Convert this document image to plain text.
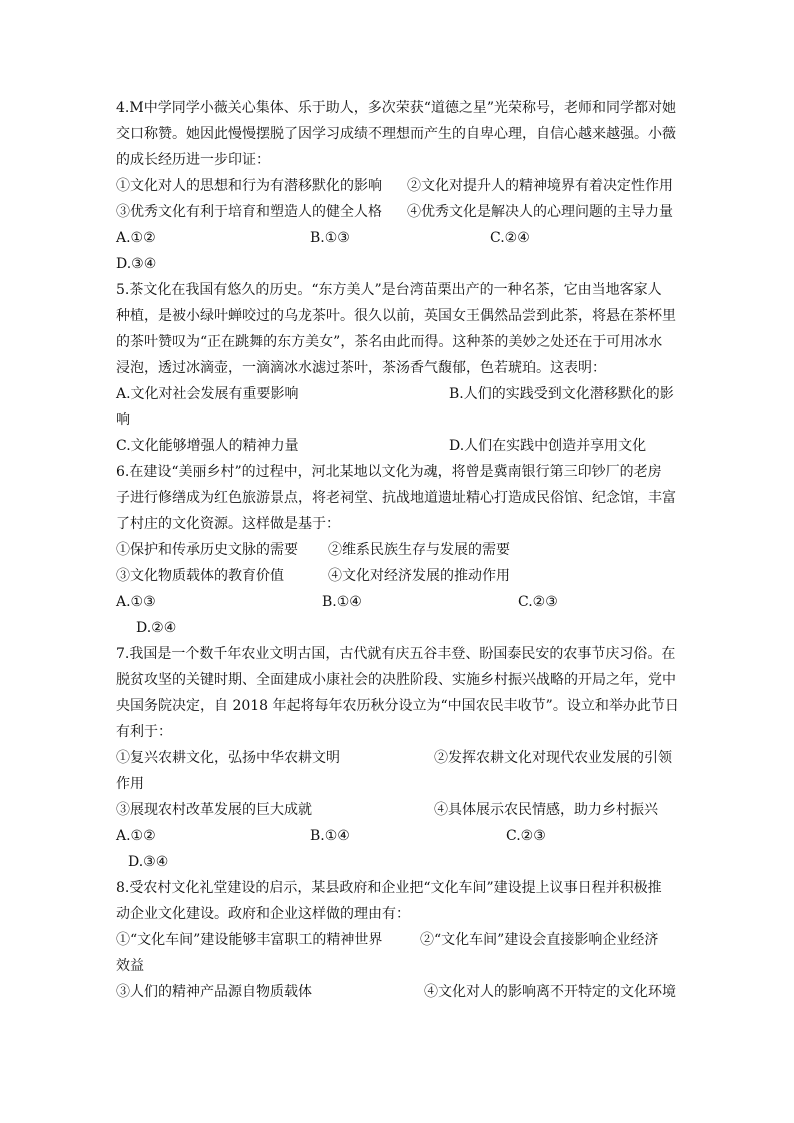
4.M中学同学小薇关心集体、乐于助人，多次荣获“道德之星”光荣称号，老师和同学都对她
交口称赞。她因此慢慢摆脱了因学习成绩不理想而产生的自卑心理，自信心越来越强。小薇
的成长经历进一步印证：
①文化对人的思想和行为有潜移默化的影响	②文化对提升人的精神境界有着决定性作用
③优秀文化有利于培育和塑造人的健全人格	④优秀文化是解决人的心理问题的主导力量
A.①②	B.①③	C.②④
D.③④
5.茶文化在我国有悠久的历史。“东方美人”是台湾苗栗出产的一种名茶，它由当地客家人
种植，是被小绿叶蝉咬过的乌龙茶叶。很久以前，英国女王偶然品尝到此茶，将悬在茶杯里
的茶叶赞叹为“正在跳舞的东方美女”，茶名由此而得。这种茶的美妙之处还在于可用冰水
浸泡，透过冰滴壶，一滴滴冰水滤过茶叶，茶汤香气馥郁，色若琥珀。这表明：
A.文化对社会发展有重要影响	B.人们的实践受到文化潜移默化的影
响
C.文化能够增强人的精神力量	D.人们在实践中创造并享用文化
6.在建设“美丽乡村”的过程中，河北某地以文化为魂，将曾是冀南银行第三印钞厂的老房
子进行修缮成为红色旅游景点，将老祠堂、抗战地道遗址精心打造成民俗馆、纪念馆，丰富
了村庄的文化资源。这样做是基于：
①保护和传承历史文脉的需要	②维系民族生存与发展的需要
③文化物质载体的教育价值	④文化对经济发展的推动作用
A.①③	B.①④	C.②③
D.②④
7.我国是一个数千年农业文明古国，古代就有庆五谷丰登、盼国泰民安的农事节庆习俗。在
脱贫攻坚的关键时期、全面建成小康社会的决胜阶段、实施乡村振兴战略的开局之年，党中
央国务院决定，自 2018 年起将每年农历秋分设立为“中国农民丰收节”。设立和举办此节日
有利于：
①复兴农耕文化，弘扬中华农耕文明	②发挥农耕文化对现代农业发展的引领
作用
③展现农村改革发展的巨大成就	④具体展示农民情感，助力乡村振兴
A.①②	B.①④	C.②③
D.③④
8.受农村文化礼堂建设的启示，某县政府和企业把“文化车间”建设提上议事日程并积极推
动企业文化建设。政府和企业这样做的理由有：
①“文化车间”建设能够丰富职工的精神世界	②“文化车间”建设会直接影响企业经济
效益
③人们的精神产品源自物质载体	④文化对人的影响离不开特定的文化环境
